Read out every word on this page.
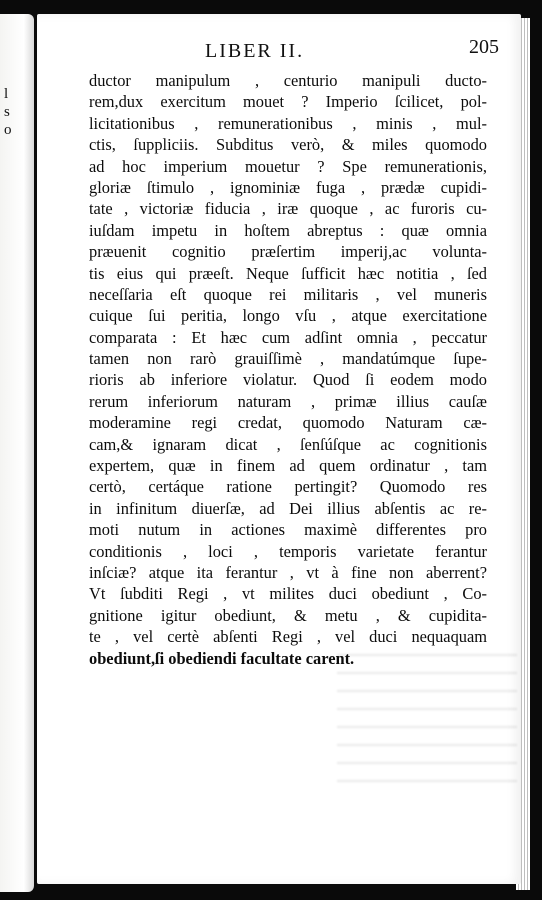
l
s
o
LIBER II.	205
ductor manipulum , centurio manipuli ducto-
rem,dux exercitum mouet ? Imperio ſcilicet, pol-
licitationibus , remunerationibus , minis , mul-
ctis, ſuppliciis. Subditus verò, & miles quomodo
ad hoc imperium mouetur ? Spe remunerationis,
gloriæ ſtimulo , ignominiæ fuga , prædæ cupidi-
tate , victoriæ fiducia , iræ quoque , ac furoris cu-
iuſdam impetu in hoſtem abreptus : quæ omnia
præuenit cognitio præſertim imperij,ac volunta-
tis eius qui præeſt. Neque ſufficit hæc notitia , ſed
neceſſaria eſt quoque rei militaris , vel muneris
cuique ſui peritia, longo vſu , atque exercitatione
comparata : Et hæc cum adſint omnia , peccatur
tamen non rarò grauiſſimè , mandatúmque ſupe-
rioris ab inferiore violatur. Quod ſi eodem modo
rerum inferiorum naturam , primæ illius cauſæ
moderamine regi credat, quomodo Naturam cæ-
cam,& ignaram dicat , ſenſúſque ac cognitionis
expertem, quæ in finem ad quem ordinatur , tam
certò, certáque ratione pertingit? Quomodo res
in infinitum diuerſæ, ad Dei illius abſentis ac re-
moti nutum in actiones maximè differentes pro
conditionis , loci , temporis varietate ferantur
inſciæ? atque ita ferantur , vt à fine non aberrent?
Vt ſubditi Regi , vt milites duci obediunt , Co-
gnitione igitur obediunt, & metu , & cupidita-
te , vel certè abſenti Regi , vel duci nequaquam
obediunt,ſi obediendi facultate carent.
